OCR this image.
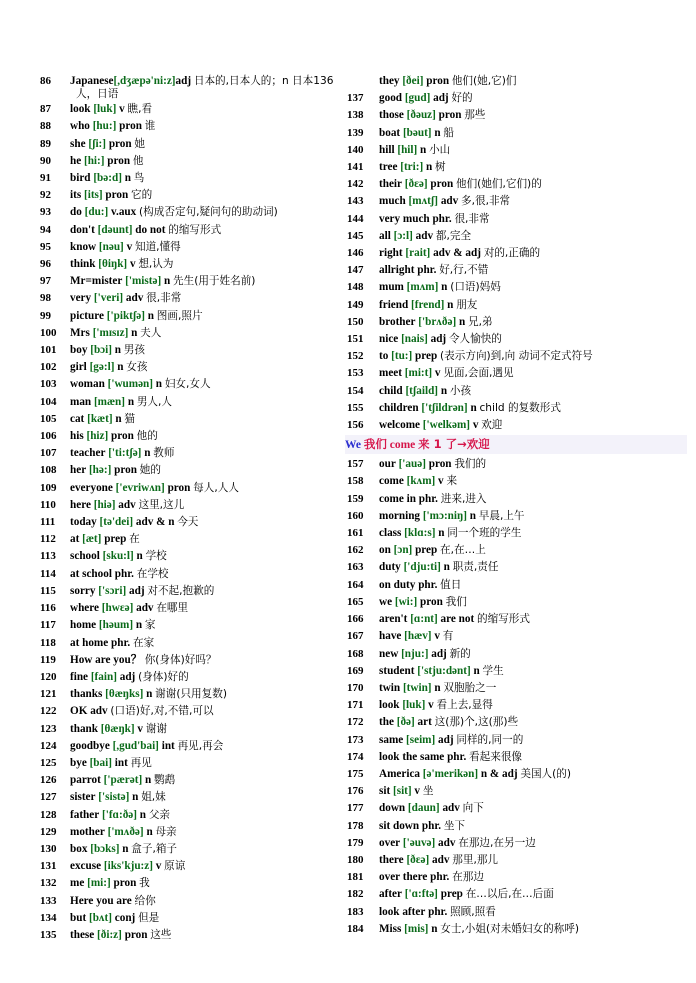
86 Japanese[,dʒæpə'ni:z]adj 日本的,日本人的；n 日本136
人，日语
87 look [luk] v 瞧,看
88 who [hu:] pron 谁
89 she [ʃi:] pron 她
90 he [hi:] pron 他
91 bird [bə:d] n 鸟
92 its [its] pron 它的
93 do [du:] v.aux (构成否定句,疑问句的助动词)
94 don't [dəunt] do not 的缩写形式
95 know [nəu] v 知道,懂得
96 think [θiŋk] v 想,认为
97 Mr=mister ['mistə] n 先生(用于姓名前)
98 very ['veri] adv 很,非常
99 picture ['piktʃə] n 图画,照片
100 Mrs ['mɪsɪz] n 夫人
101 boy [bɔi] n 男孩
102 girl [gə:l] n 女孩
103 woman ['wumən] n 妇女,女人
104 man [mæn] n 男人,人
105 cat [kæt] n 猫
106 his [hiz] pron 他的
107 teacher ['ti:tʃə] n 教师
108 her [hə:] pron 她的
109 everyone ['evriwʌn] pron 每人,人人
110 here [hiə] adv 这里,这儿
111 today [tə'dei] adv & n 今天
112 at [æt] prep 在
113 school [sku:l] n 学校
114 at school phr. 在学校
115 sorry ['sɔri] adj 对不起,抱歉的
116 where [hwɛə] adv 在哪里
117 home [həum] n 家
118 at home phr. 在家
119 How are you？ 你(身体)好吗？
120 fine [fain] adj (身体)好的
121 thanks [θæŋks] n 谢谢(只用复数)
122 OK adv (口语)好,对,不错,可以
123 thank [θæŋk] v 谢谢
124 goodbye [,gud'bai] int 再见,再会
125 bye [bai] int 再见
126 parrot ['pærət] n 鹦鹉
127 sister ['sistə] n 姐,妹
128 father ['fɑ:ðə] n 父亲
129 mother ['mʌðə] n 母亲
130 box [bɔks] n 盒子,箱子
131 excuse [iks'kju:z] v 原谅
132 me [mi:] pron 我
133 Here you are 给你
134 but [bʌt] conj 但是
135 these [ði:z] pron 这些
they [ðei] pron 他们(她,它)们
137 good [gud] adj 好的
138 those [ðəuz] pron 那些
139 boat [bəut] n 船
140 hill [hil] n 小山
141 tree [tri:] n 树
142 their [ðɛə] pron 他们(她们,它们)的
143 much [mʌtʃ] adv 多,很,非常
144 very much phr. 很,非常
145 all [ɔ:l] adv 都,完全
146 right [rait] adv & adj 对的,正确的
147 allright phr. 好,行,不错
148 mum [mʌm] n (口语)妈妈
149 friend [frend] n 朋友
150 brother ['brʌðə] n 兄,弟
151 nice [nais] adj 令人愉快的
152 to [tu:] prep (表示方向)到,向 动词不定式符号
153 meet [mi:t] v 见面,会面,遇见
154 child [tʃaild] n 小孩
155 children ['tʃildrən] n child 的复数形式
156 welcome ['welkəm] v 欢迎
We 我们 come 来 1 了→欢迎
157 our ['auə] pron 我们的
158 come [kʌm] v 来
159 come in phr. 进来,进入
160 morning ['mɔ:niŋ] n 早晨,上午
161 class [klɑ:s] n 同一个班的学生
162 on [ɔn] prep 在,在…上
163 duty ['dju:ti] n 职责,责任
164 on duty phr. 值日
165 we [wi:] pron 我们
166 aren't [ɑ:nt] are not 的缩写形式
167 have [hæv] v 有
168 new [nju:] adj 新的
169 student ['stju:dənt] n 学生
170 twin [twin] n 双胞胎之一
171 look [luk] v 看上去,显得
172 the [ðə] art 这(那)个,这(那)些
173 same [seim] adj 同样的,同一的
174 look the same phr. 看起来很像
175 America [ə'merikən] n & adj 美国人(的)
176 sit [sit] v 坐
177 down [daun] adv 向下
178 sit down phr. 坐下
179 over ['əuvə] adv 在那边,在另一边
180 there [ðɛə] adv 那里,那儿
181 over there phr. 在那边
182 after ['ɑ:ftə] prep 在…以后,在…后面
183 look after phr. 照顾,照看
184 Miss [mis] n 女士,小姐(对未婚妇女的称呼)
